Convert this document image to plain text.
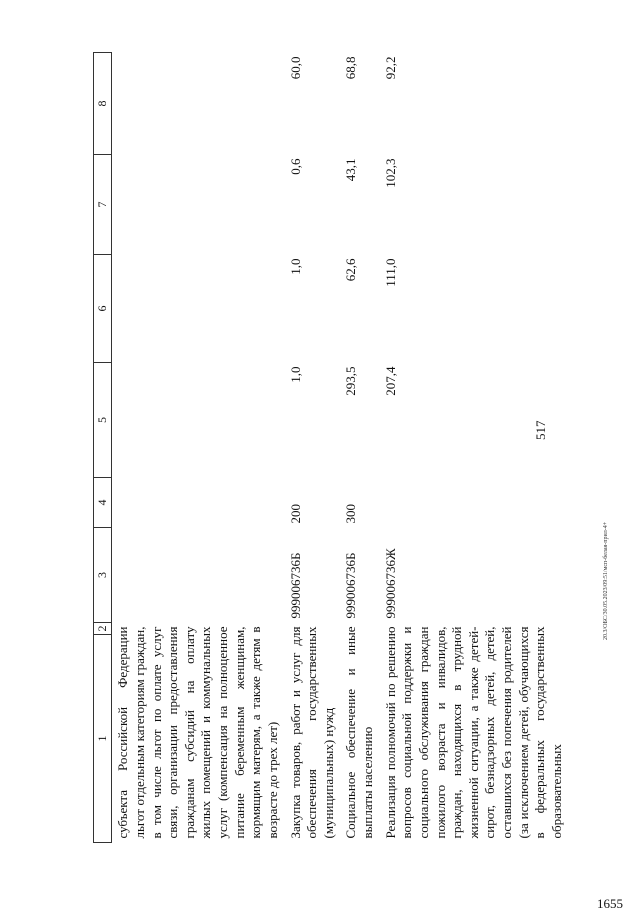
517
1655
20.3/OБС/30.05.2023/09:51/мсп-белая-прил-4+
1	2	3	4	5	6	7	8
субъекта Российской Федерации льгот отдельным категориям граждан, в том числе льгот по оплате услуг связи, организации предоставления гражданам субсидий на оплату жилых помещений и коммунальных услуг (компенсация на полноценное питание беременным женщинам, кормящим матерям, а также детям в возрасте до трех лет)							
Закупка товаров, работ и услуг для обеспечения государственных (муниципальных) нужд		999006736Б	200	1,0	1,0	0,6	60,0
Социальное обеспечение и иные выплаты населению		999006736Б	300	293,5	62,6	43,1	68,8
Реализация полномочий по решению вопросов социальной поддержки и социального обслуживания граждан пожилого возраста и инвалидов, граждан, находящихся в трудной жизненной ситуации, а также детей-сирот, безнадзорных детей, детей, оставшихся без попечения родителей (за исключением детей, обучающихся в федеральных государственных образовательных		999006736Ж		207,4	111,0	102,3	92,2
